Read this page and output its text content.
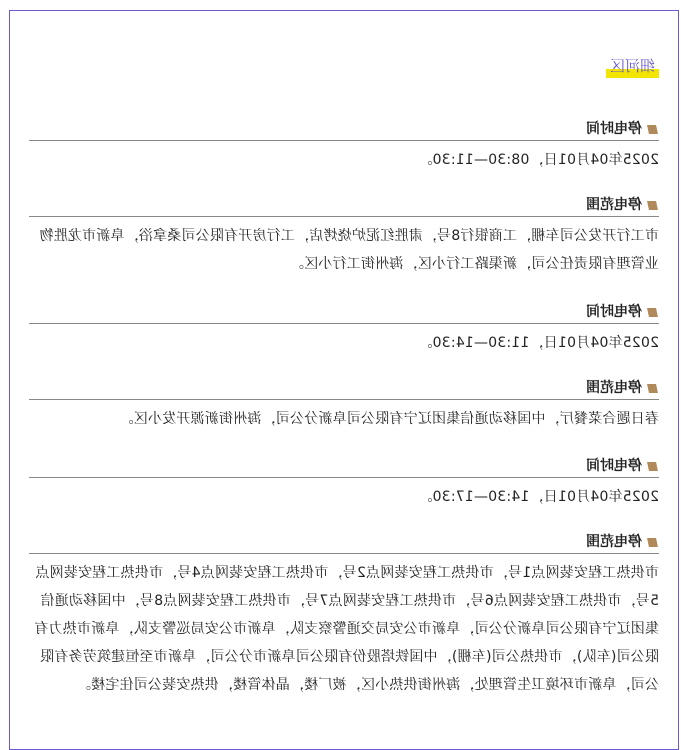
细河区
停电时间
2025年04月01日，08:30—11:30。
停电范围
市工行开发公司车棚，工商银行8号，肃胜红泥炉烧烤店，工行房开有限公司桑拿浴，阜新市龙胜物业管理有限责任公司，新渠路工行小区，海州街工行小区。
停电时间
2025年04月01日，11:30—14:30。
停电范围
春日题合菜餐厅，中国移动通信集团辽宁有限公司阜新分公司，海州街新源开发小区。
停电时间
2025年04月01日，14:30—17:30。
停电范围
市供热工程安装网点1号，市供热工程安装网点2号，市供热工程安装网点4号，市供热工程安装网点5号，市供热工程安装网点6号，市供热工程安装网点7号，市供热工程安装网点8号，中国移动通信集团辽宁有限公司阜新分公司，阜新市公安局交通警察支队，阜新市公安局巡警支队，阜新市热力有限公司(车队)，市供热公司(车棚)，中国铁塔股份有限公司阜新市分公司，阜新市至恒建筑劳务有限公司，阜新市环境卫生管理处，海州街供热小区，被厂楼，晶体管楼，供热安装公司住宅楼。
